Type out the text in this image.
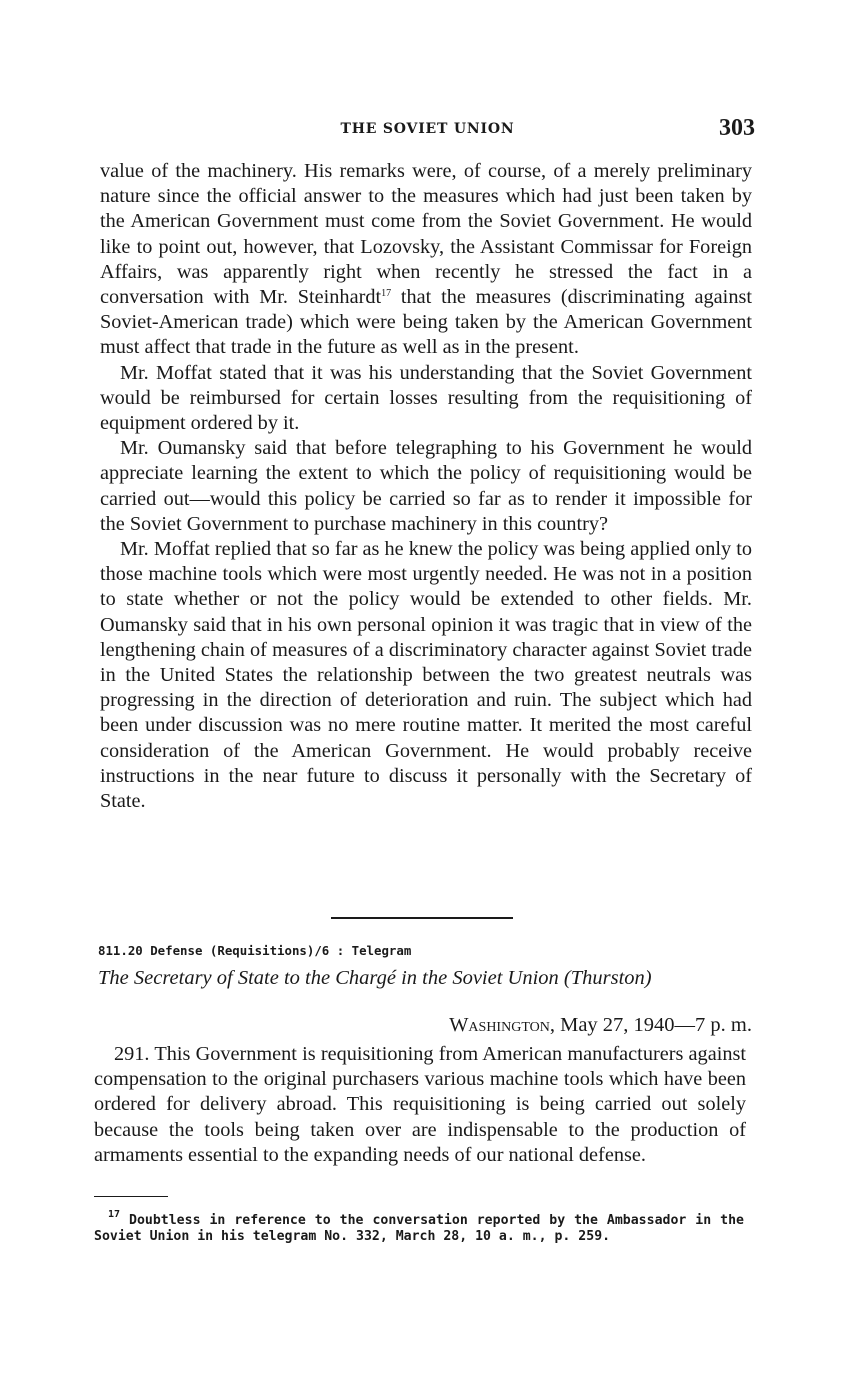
THE SOVIET UNION	303

value of the machinery. His remarks were, of course, of a merely preliminary nature since the official answer to the measures which had just been taken by the American Government must come from the Soviet Government. He would like to point out, however, that Lozovsky, the Assistant Commissar for Foreign Affairs, was apparently right when recently he stressed the fact in a conversation with Mr. Steinhardt$^{17}$ that the measures (discriminating against Soviet-American trade) which were being taken by the American Government must affect that trade in the future as well as in the present.

Mr. Moffat stated that it was his understanding that the Soviet Government would be reimbursed for certain losses resulting from the requisitioning of equipment ordered by it.

Mr. Oumansky said that before telegraphing to his Government he would appreciate learning the extent to which the policy of requisitioning would be carried out—would this policy be carried so far as to render it impossible for the Soviet Government to purchase machinery in this country?

Mr. Moffat replied that so far as he knew the policy was being applied only to those machine tools which were most urgently needed. He was not in a position to state whether or not the policy would be extended to other fields. Mr. Oumansky said that in his own personal opinion it was tragic that in view of the lengthening chain of measures of a discriminatory character against Soviet trade in the United States the relationship between the two greatest neutrals was progressing in the direction of deterioration and ruin. The subject which had been under discussion was no mere routine matter. It merited the most careful consideration of the American Government. He would probably receive instructions in the near future to discuss it personally with the Secretary of State.

811.20 Defense (Requisitions)/6 : Telegram
The Secretary of State to the Chargé in the Soviet Union (Thurston)
Washington, May 27, 1940—7 p. m.

291. This Government is requisitioning from American manufacturers against compensation to the original purchasers various machine tools which have been ordered for delivery abroad. This requisitioning is being carried out solely because the tools being taken over are indispensable to the production of armaments essential to the expanding needs of our national defense.

$^{17}$ Doubtless in reference to the conversation reported by the Ambassador in the Soviet Union in his telegram No. 332, March 28, 10 a. m., p. 259.
